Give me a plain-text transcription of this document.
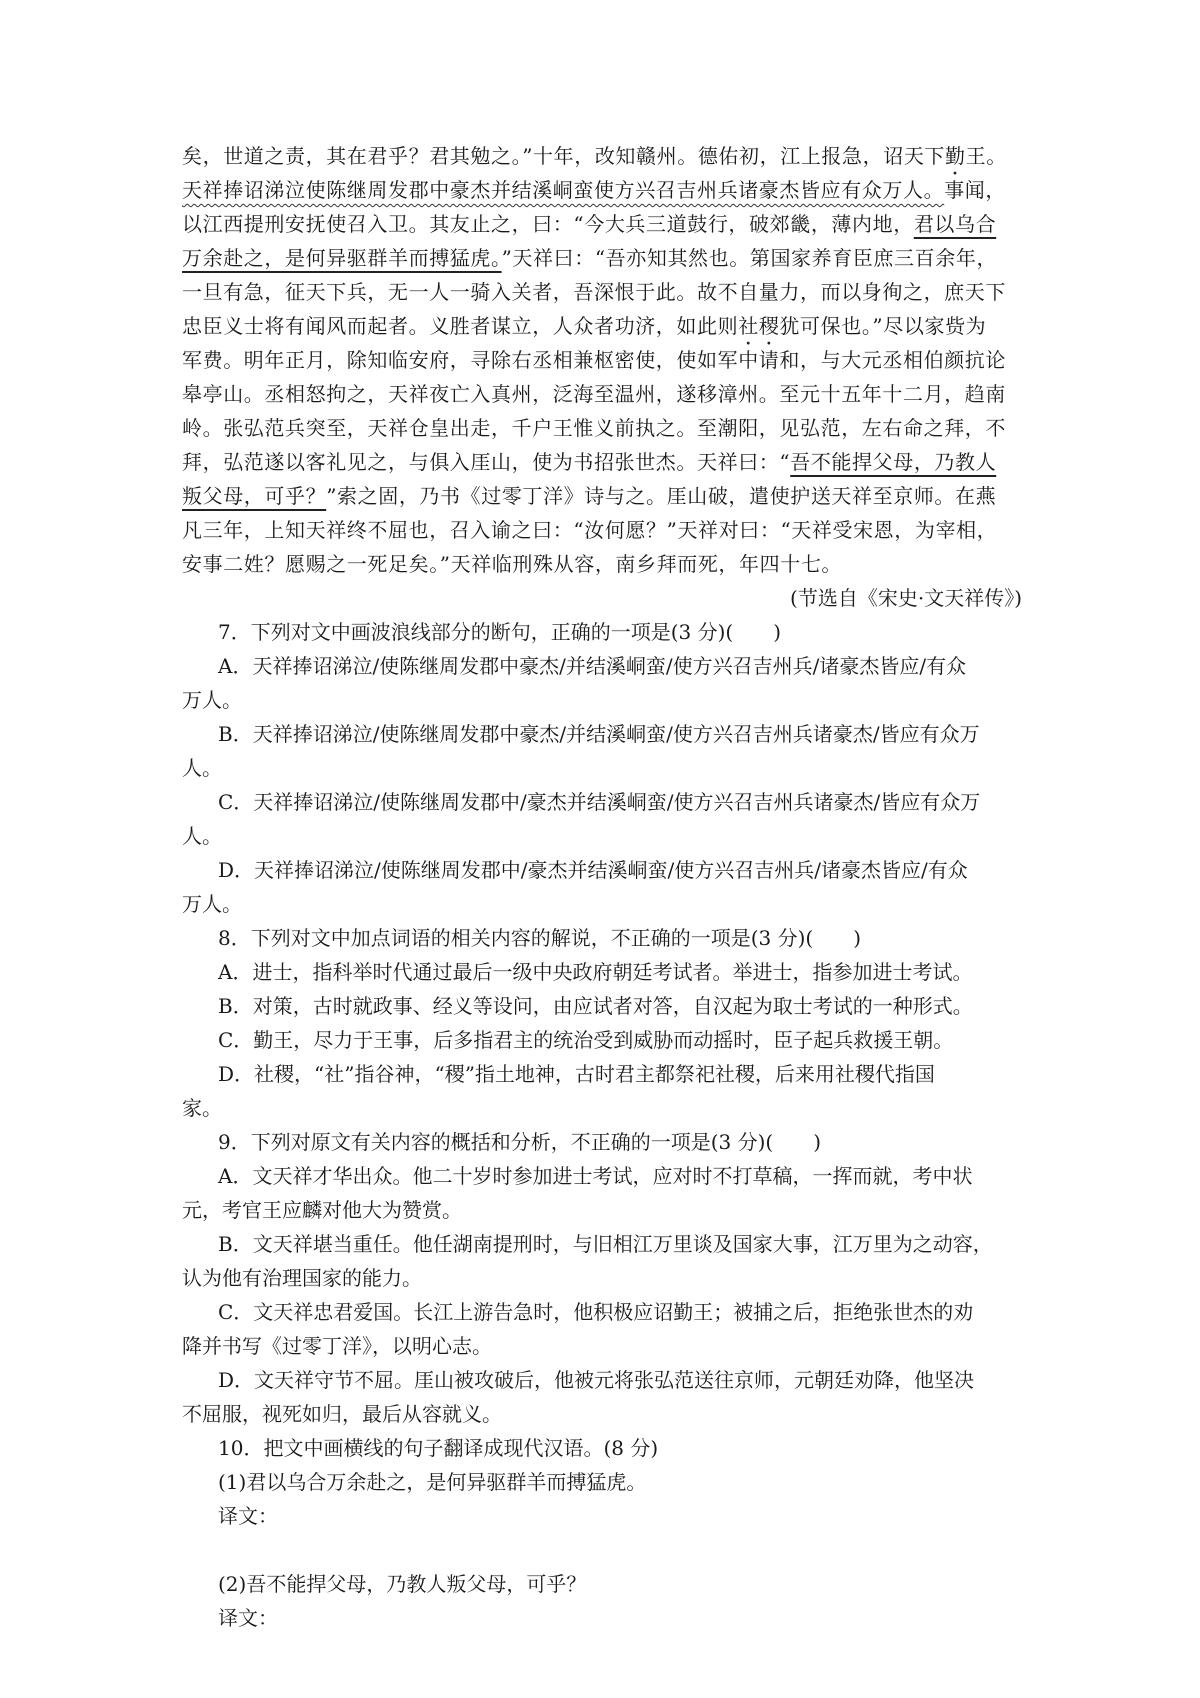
矣，世道之责，其在君乎？君其勉之。”十年，改知赣州。德佑初，江上报急，诏天下勤王。
天祥捧诏涕泣使陈继周发郡中豪杰并结溪峒蛮使方兴召吉州兵诸豪杰皆应有众万人。事闻，
以江西提刑安抚使召入卫。其友止之，曰：“今大兵三道鼓行，破郊畿，薄内地，君以乌合
万余赴之，是何异驱群羊而搏猛虎。”天祥曰：“吾亦知其然也。第国家养育臣庶三百余年，
一旦有急，征天下兵，无一人一骑入关者，吾深恨于此。故不自量力，而以身徇之，庶天下
忠臣义士将有闻风而起者。义胜者谋立，人众者功济，如此则社稷犹可保也。”尽以家赀为
军费。明年正月，除知临安府，寻除右丞相兼枢密使，使如军中请和，与大元丞相伯颜抗论
皋亭山。丞相怒拘之，天祥夜亡入真州，泛海至温州，遂移漳州。至元十五年十二月，趋南
岭。张弘范兵突至，天祥仓皇出走，千户王惟义前执之。至潮阳，见弘范，左右命之拜，不
拜，弘范遂以客礼见之，与俱入厓山，使为书招张世杰。天祥曰：“吾不能捍父母，乃教人
叛父母，可乎？”索之固，乃书《过零丁洋》诗与之。厓山破，遣使护送天祥至京师。在燕
凡三年，上知天祥终不屈也，召入谕之曰：“汝何愿？”天祥对曰：“天祥受宋恩，为宰相，
安事二姓？愿赐之一死足矣。”天祥临刑殊从容，南乡拜而死，年四十七。
(节选自《宋史·文天祥传》)
7．下列对文中画波浪线部分的断句，正确的一项是(3 分)(　　)
A．天祥捧诏涕泣/使陈继周发郡中豪杰/并结溪峒蛮/使方兴召吉州兵/诸豪杰皆应/有众
万人。
B．天祥捧诏涕泣/使陈继周发郡中豪杰/并结溪峒蛮/使方兴召吉州兵诸豪杰/皆应有众万
人。
C．天祥捧诏涕泣/使陈继周发郡中/豪杰并结溪峒蛮/使方兴召吉州兵诸豪杰/皆应有众万
人。
D．天祥捧诏涕泣/使陈继周发郡中/豪杰并结溪峒蛮/使方兴召吉州兵/诸豪杰皆应/有众
万人。
8．下列对文中加点词语的相关内容的解说，不正确的一项是(3 分)(　　)
A．进士，指科举时代通过最后一级中央政府朝廷考试者。举进士，指参加进士考试。
B．对策，古时就政事、经义等设问，由应试者对答，自汉起为取士考试的一种形式。
C．勤王，尽力于王事，后多指君主的统治受到威胁而动摇时，臣子起兵救援王朝。
D．社稷，“社”指谷神，“稷”指土地神，古时君主都祭祀社稷，后来用社稷代指国
家。
9．下列对原文有关内容的概括和分析，不正确的一项是(3 分)(　　)
A．文天祥才华出众。他二十岁时参加进士考试，应对时不打草稿，一挥而就，考中状
元，考官王应麟对他大为赞赏。
B．文天祥堪当重任。他任湖南提刑时，与旧相江万里谈及国家大事，江万里为之动容，
认为他有治理国家的能力。
C．文天祥忠君爱国。长江上游告急时，他积极应诏勤王；被捕之后，拒绝张世杰的劝
降并书写《过零丁洋》，以明心志。
D．文天祥守节不屈。厓山被攻破后，他被元将张弘范送往京师，元朝廷劝降，他坚决
不屈服，视死如归，最后从容就义。
10．把文中画横线的句子翻译成现代汉语。(8 分)
(1)君以乌合万余赴之，是何异驱群羊而搏猛虎。
译文：
(2)吾不能捍父母，乃教人叛父母，可乎？
译文：
